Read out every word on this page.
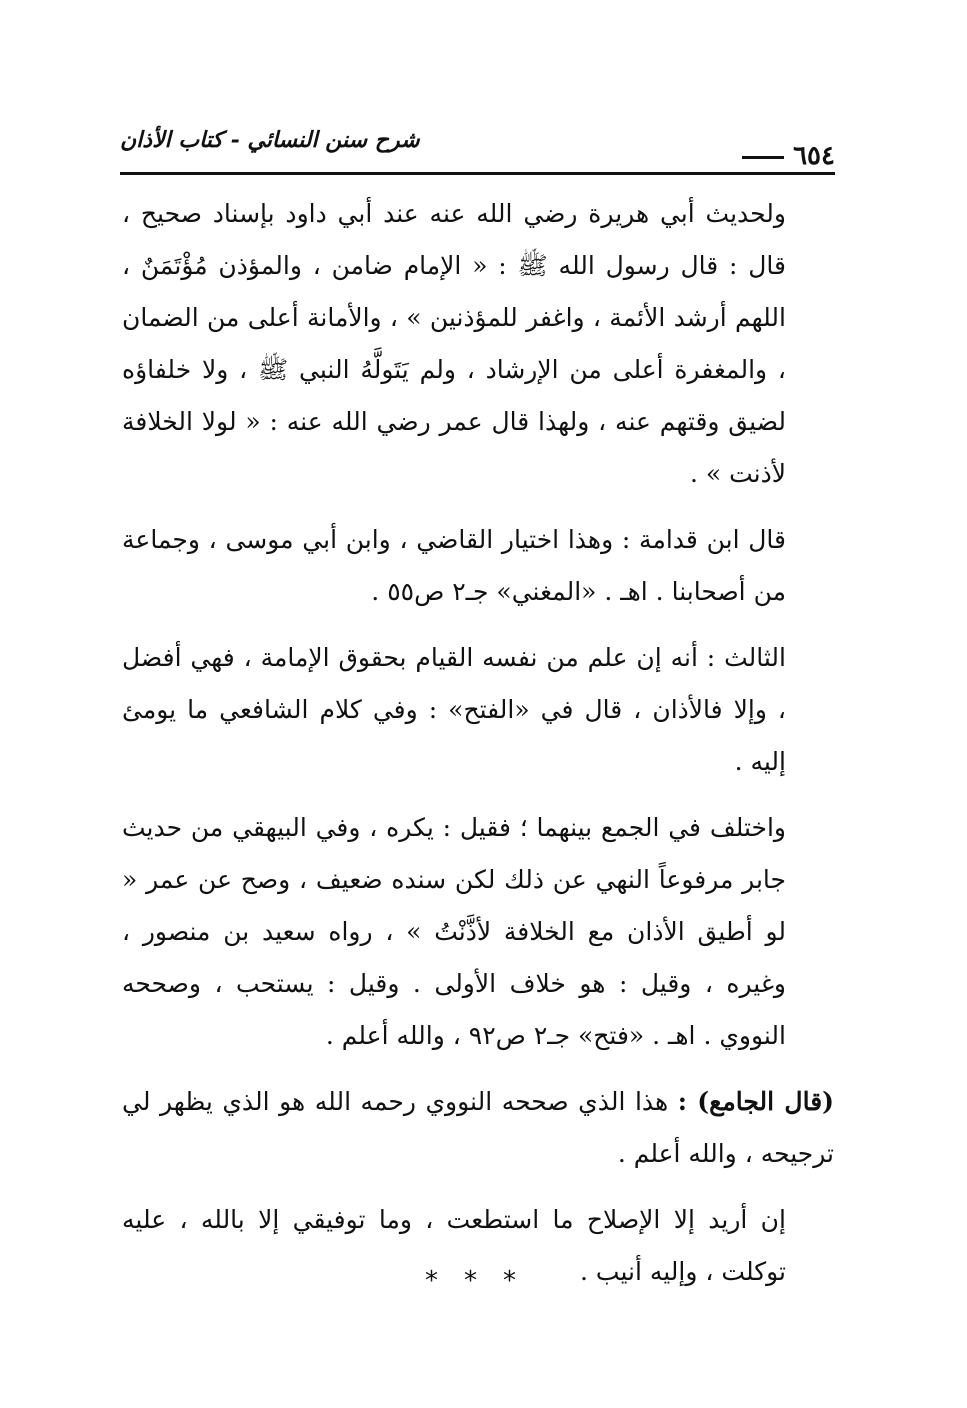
شرح سنن النسائي - كتاب الأذان
٦٥٤

ولحديث أبي هريرة رضي الله عنه عند أبي داود بإسناد صحيح ، قال : قال رسول الله ﷺ : « الإمام ضامن ، والمؤذن مُؤْتَمَنٌ ، اللهم أرشد الأئمة ، واغفر للمؤذنين » ، والأمانة أعلى من الضمان ، والمغفرة أعلى من الإرشاد ، ولم يَتَولَّهُ النبي ﷺ ، ولا خلفاؤه لضيق وقتهم عنه ، ولهذا قال عمر رضي الله عنه : « لولا الخلافة لأذنت » .

قال ابن قدامة : وهذا اختيار القاضي ، وابن أبي موسى ، وجماعة من أصحابنا . اهـ . «المغني» جـ٢ ص٥٥ .

الثالث : أنه إن علم من نفسه القيام بحقوق الإمامة ، فهي أفضل ، وإلا فالأذان ، قال في «الفتح» : وفي كلام الشافعي ما يومئ إليه .

واختلف في الجمع بينهما ؛ فقيل : يكره ، وفي البيهقي من حديث جابر مرفوعاً النهي عن ذلك لكن سنده ضعيف ، وصح عن عمر « لو أطيق الأذان مع الخلافة لأذَّنْتُ » ، رواه سعيد بن منصور ، وغيره ، وقيل : هو خلاف الأولى . وقيل : يستحب ، وصححه النووي . اهـ . «فتح» جـ٢ ص٩٢ ، والله أعلم .

(قال الجامع) : هذا الذي صححه النووي رحمه الله هو الذي يظهر لي ترجيحه ، والله أعلم .

إن أريد إلا الإصلاح ما استطعت ، وما توفيقي إلا بالله ، عليه توكلت ، وإليه أنيب .

***
